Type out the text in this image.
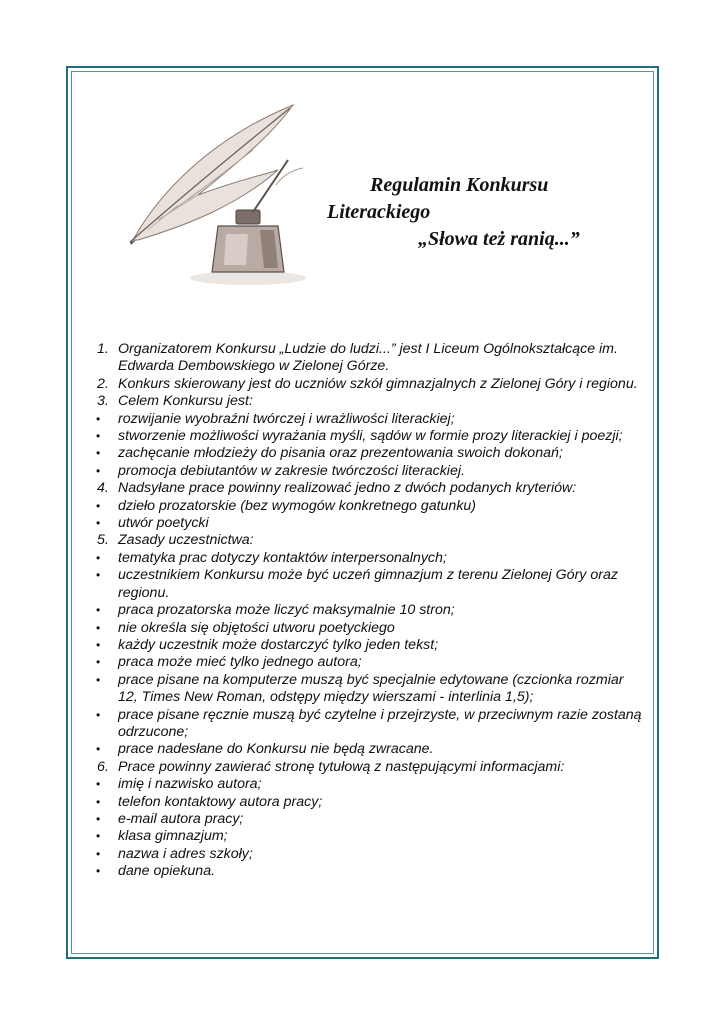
Regulamin Konkursu
Literackiego
„Słowa też ranią...”
1. Organizatorem Konkursu „Ludzie do ludzi...” jest I Liceum Ogólnokształcące im. Edwarda Dembowskiego w Zielonej Górze.
2. Konkurs skierowany jest do uczniów szkół gimnazjalnych z Zielonej Góry i regionu.
3. Celem Konkursu jest:
•	rozwijanie wyobraźni twórczej i wrażliwości literackiej;
•	stworzenie możliwości wyrażania myśli, sądów w formie prozy literackiej i poezji;
•	zachęcanie młodzieży do pisania oraz prezentowania swoich dokonań;
•	promocja debiutantów w zakresie twórczości literackiej.
4. Nadsyłane prace powinny realizować jedno z dwóch podanych kryteriów:
•	dzieło prozatorskie (bez wymogów konkretnego gatunku)
•	utwór poetycki
5. Zasady uczestnictwa:
•	tematyka prac dotyczy kontaktów interpersonalnych;
•	uczestnikiem Konkursu może być uczeń gimnazjum z terenu Zielonej Góry oraz regionu.
•	praca prozatorska może liczyć maksymalnie 10 stron;
•	nie określa się objętości utworu poetyckiego
•	każdy uczestnik może dostarczyć tylko jeden tekst;
•	praca może mieć tylko jednego autora;
•	prace pisane na komputerze muszą być specjalnie edytowane (czcionka rozmiar 12, Times New Roman, odstępy między wierszami - interlinia 1,5);
•	prace pisane ręcznie muszą być czytelne i przejrzyste, w przeciwnym razie zostaną odrzucone;
•	prace nadesłane do Konkursu nie będą zwracane.
6. Prace powinny zawierać stronę tytułową z następującymi informacjami:
•	imię i nazwisko autora;
•	telefon kontaktowy autora pracy;
•	e-mail autora pracy;
•	klasa gimnazjum;
•	nazwa i adres szkoły;
•	dane opiekuna.
